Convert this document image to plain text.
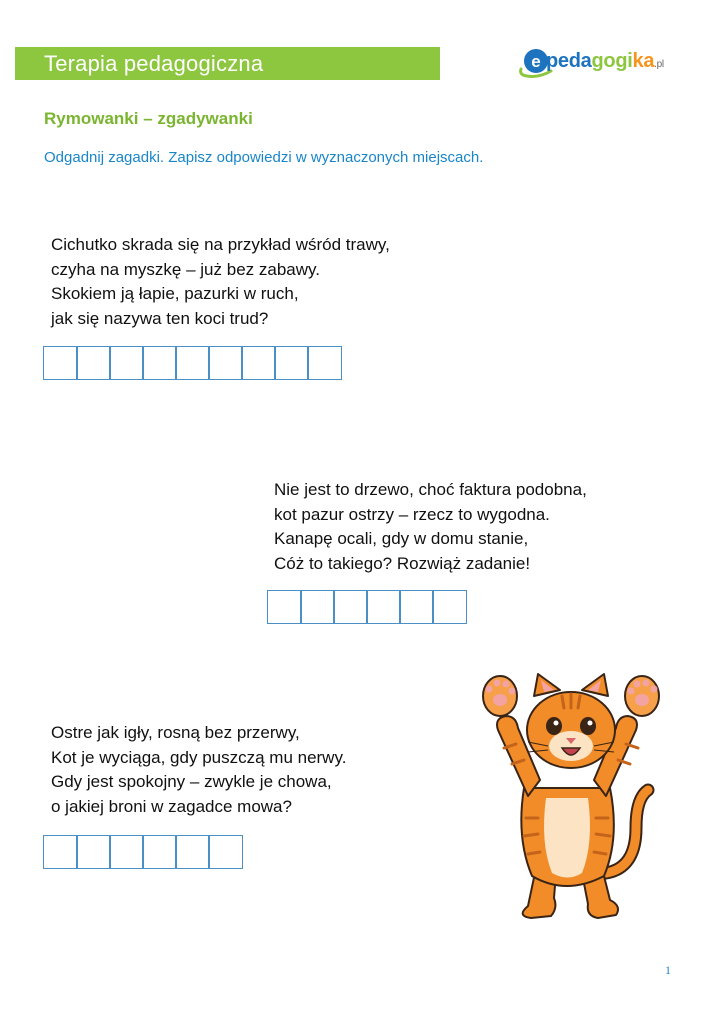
Terapia pedagogiczna	e pedagogika.pl
Rymowanki – zgadywanki
Odgadnij zagadki. Zapisz odpowiedzi w wyznaczonych miejscach.
Cichutko skrada się na przykład wśród trawy,
czyha na myszkę – już bez zabawy.
Skokiem ją łapie, pazurki w ruch,
jak się nazywa ten koci trud?
Nie jest to drzewo, choć faktura podobna,
kot pazur ostrzy – rzecz to wygodna.
Kanapę ocali, gdy w domu stanie,
Cóż to takiego? Rozwiąż zadanie!
Ostre jak igły, rosną bez przerwy,
Kot je wyciąga, gdy puszczą mu nerwy.
Gdy jest spokojny – zwykle je chowa,
o jakiej broni w zagadce mowa?
1
